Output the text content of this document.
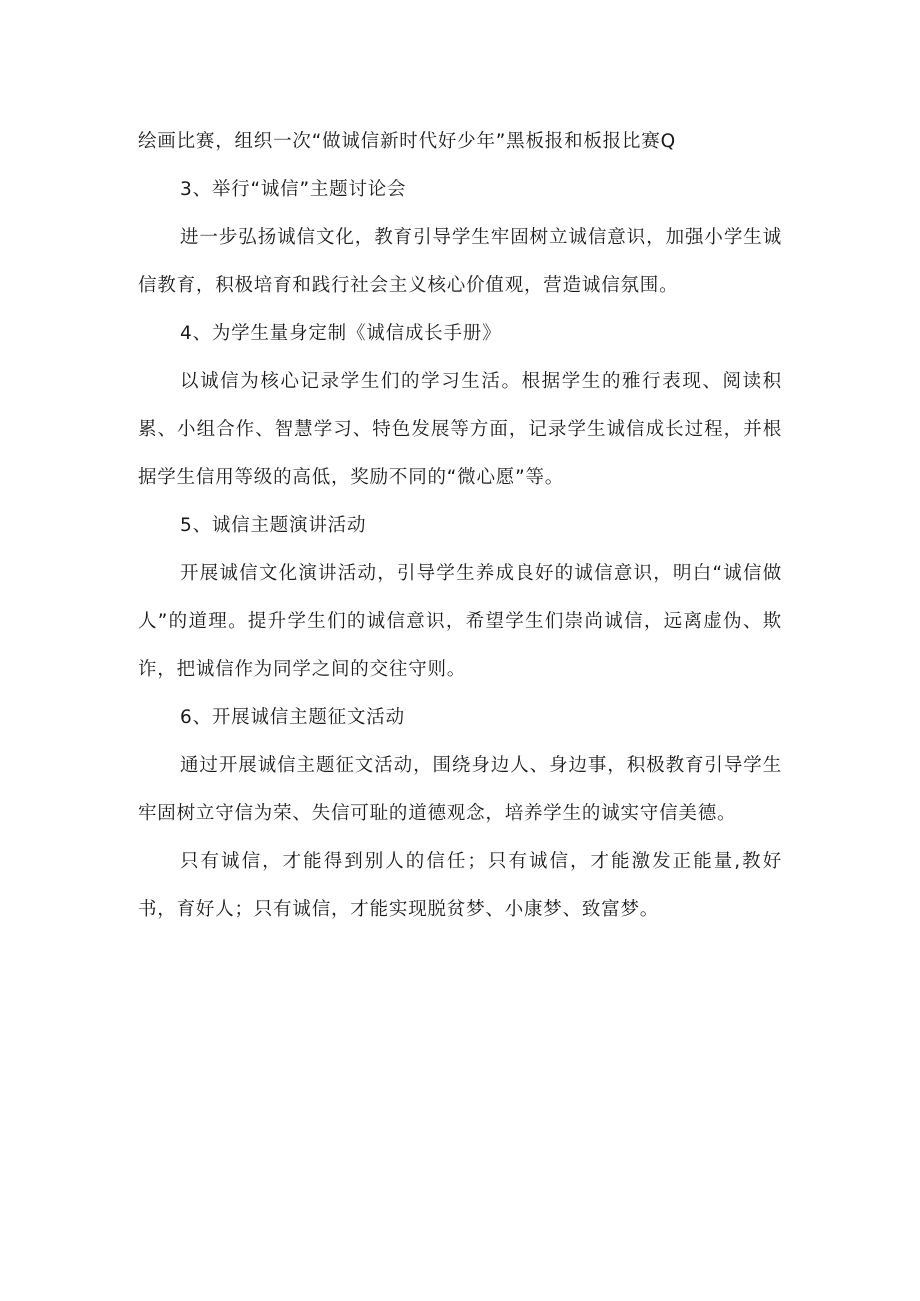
绘画比赛，组织一次“做诚信新时代好少年”黑板报和板报比赛Q

3、举行“诚信”主题讨论会

进一步弘扬诚信文化，教育引导学生牢固树立诚信意识，加强小学生诚信教育，积极培育和践行社会主义核心价值观，营造诚信氛围。

4、为学生量身定制《诚信成长手册》

以诚信为核心记录学生们的学习生活。根据学生的雅行表现、阅读积累、小组合作、智慧学习、特色发展等方面，记录学生诚信成长过程，并根据学生信用等级的高低，奖励不同的“微心愿”等。

5、诚信主题演讲活动

开展诚信文化演讲活动，引导学生养成良好的诚信意识，明白“诚信做人”的道理。提升学生们的诚信意识，希望学生们崇尚诚信，远离虚伪、欺诈，把诚信作为同学之间的交往守则。

6、开展诚信主题征文活动

通过开展诚信主题征文活动，围绕身边人、身边事，积极教育引导学生牢固树立守信为荣、失信可耻的道德观念，培养学生的诚实守信美德。

只有诚信，才能得到别人的信任；只有诚信，才能激发正能量,教好书，育好人；只有诚信，才能实现脱贫梦、小康梦、致富梦。
